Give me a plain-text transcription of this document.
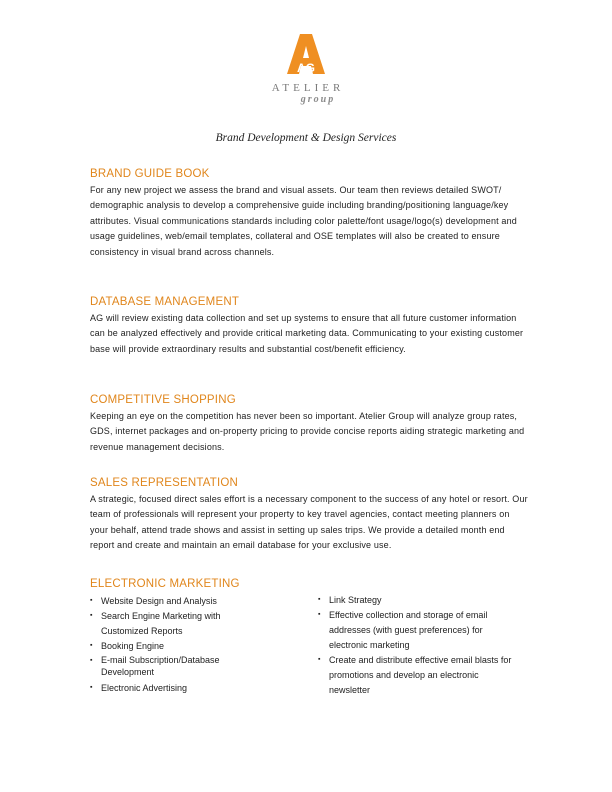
AG
ATELIER
group
Brand Development & Design Services
BRAND GUIDE BOOK

For any new project we assess the brand and visual assets. Our team then reviews detailed SWOT/ demographic analysis to develop a comprehensive guide including branding/positioning language/key attributes. Visual communications standards including color palette/font usage/logo(s) development and usage guidelines, web/email templates, collateral and OSE templates will also be created to ensure consistency in visual brand across channels.

DATABASE MANAGEMENT

AG will review existing data collection and set up systems to ensure that all future customer information can be analyzed effectively and provide critical marketing data. Communicating to your existing customer base will provide extraordinary results and substantial cost/benefit efficiency.

COMPETITIVE SHOPPING

Keeping an eye on the competition has never been so important. Atelier Group will analyze group rates, GDS, internet packages and on-property pricing to provide concise reports aiding strategic marketing and revenue management decisions.

SALES REPRESENTATION

A strategic, focused direct sales effort is a necessary component to the success of any hotel or resort. Our team of professionals will represent your property to key travel agencies, contact meeting planners on your behalf, attend trade shows and assist in setting up sales trips. We provide a detailed month end report and create and maintain an email database for your exclusive use.

ELECTRONIC MARKETING
▪ Website Design and Analysis
▪ Search Engine Marketing with Customized Reports
▪ Booking Engine
▪ E-mail Subscription/Database Development
▪ Electronic Advertising
▪ Link Strategy
▪ Effective collection and storage of email addresses (with guest preferences) for electronic marketing
▪ Create and distribute effective email blasts for promotions and develop an electronic newsletter
